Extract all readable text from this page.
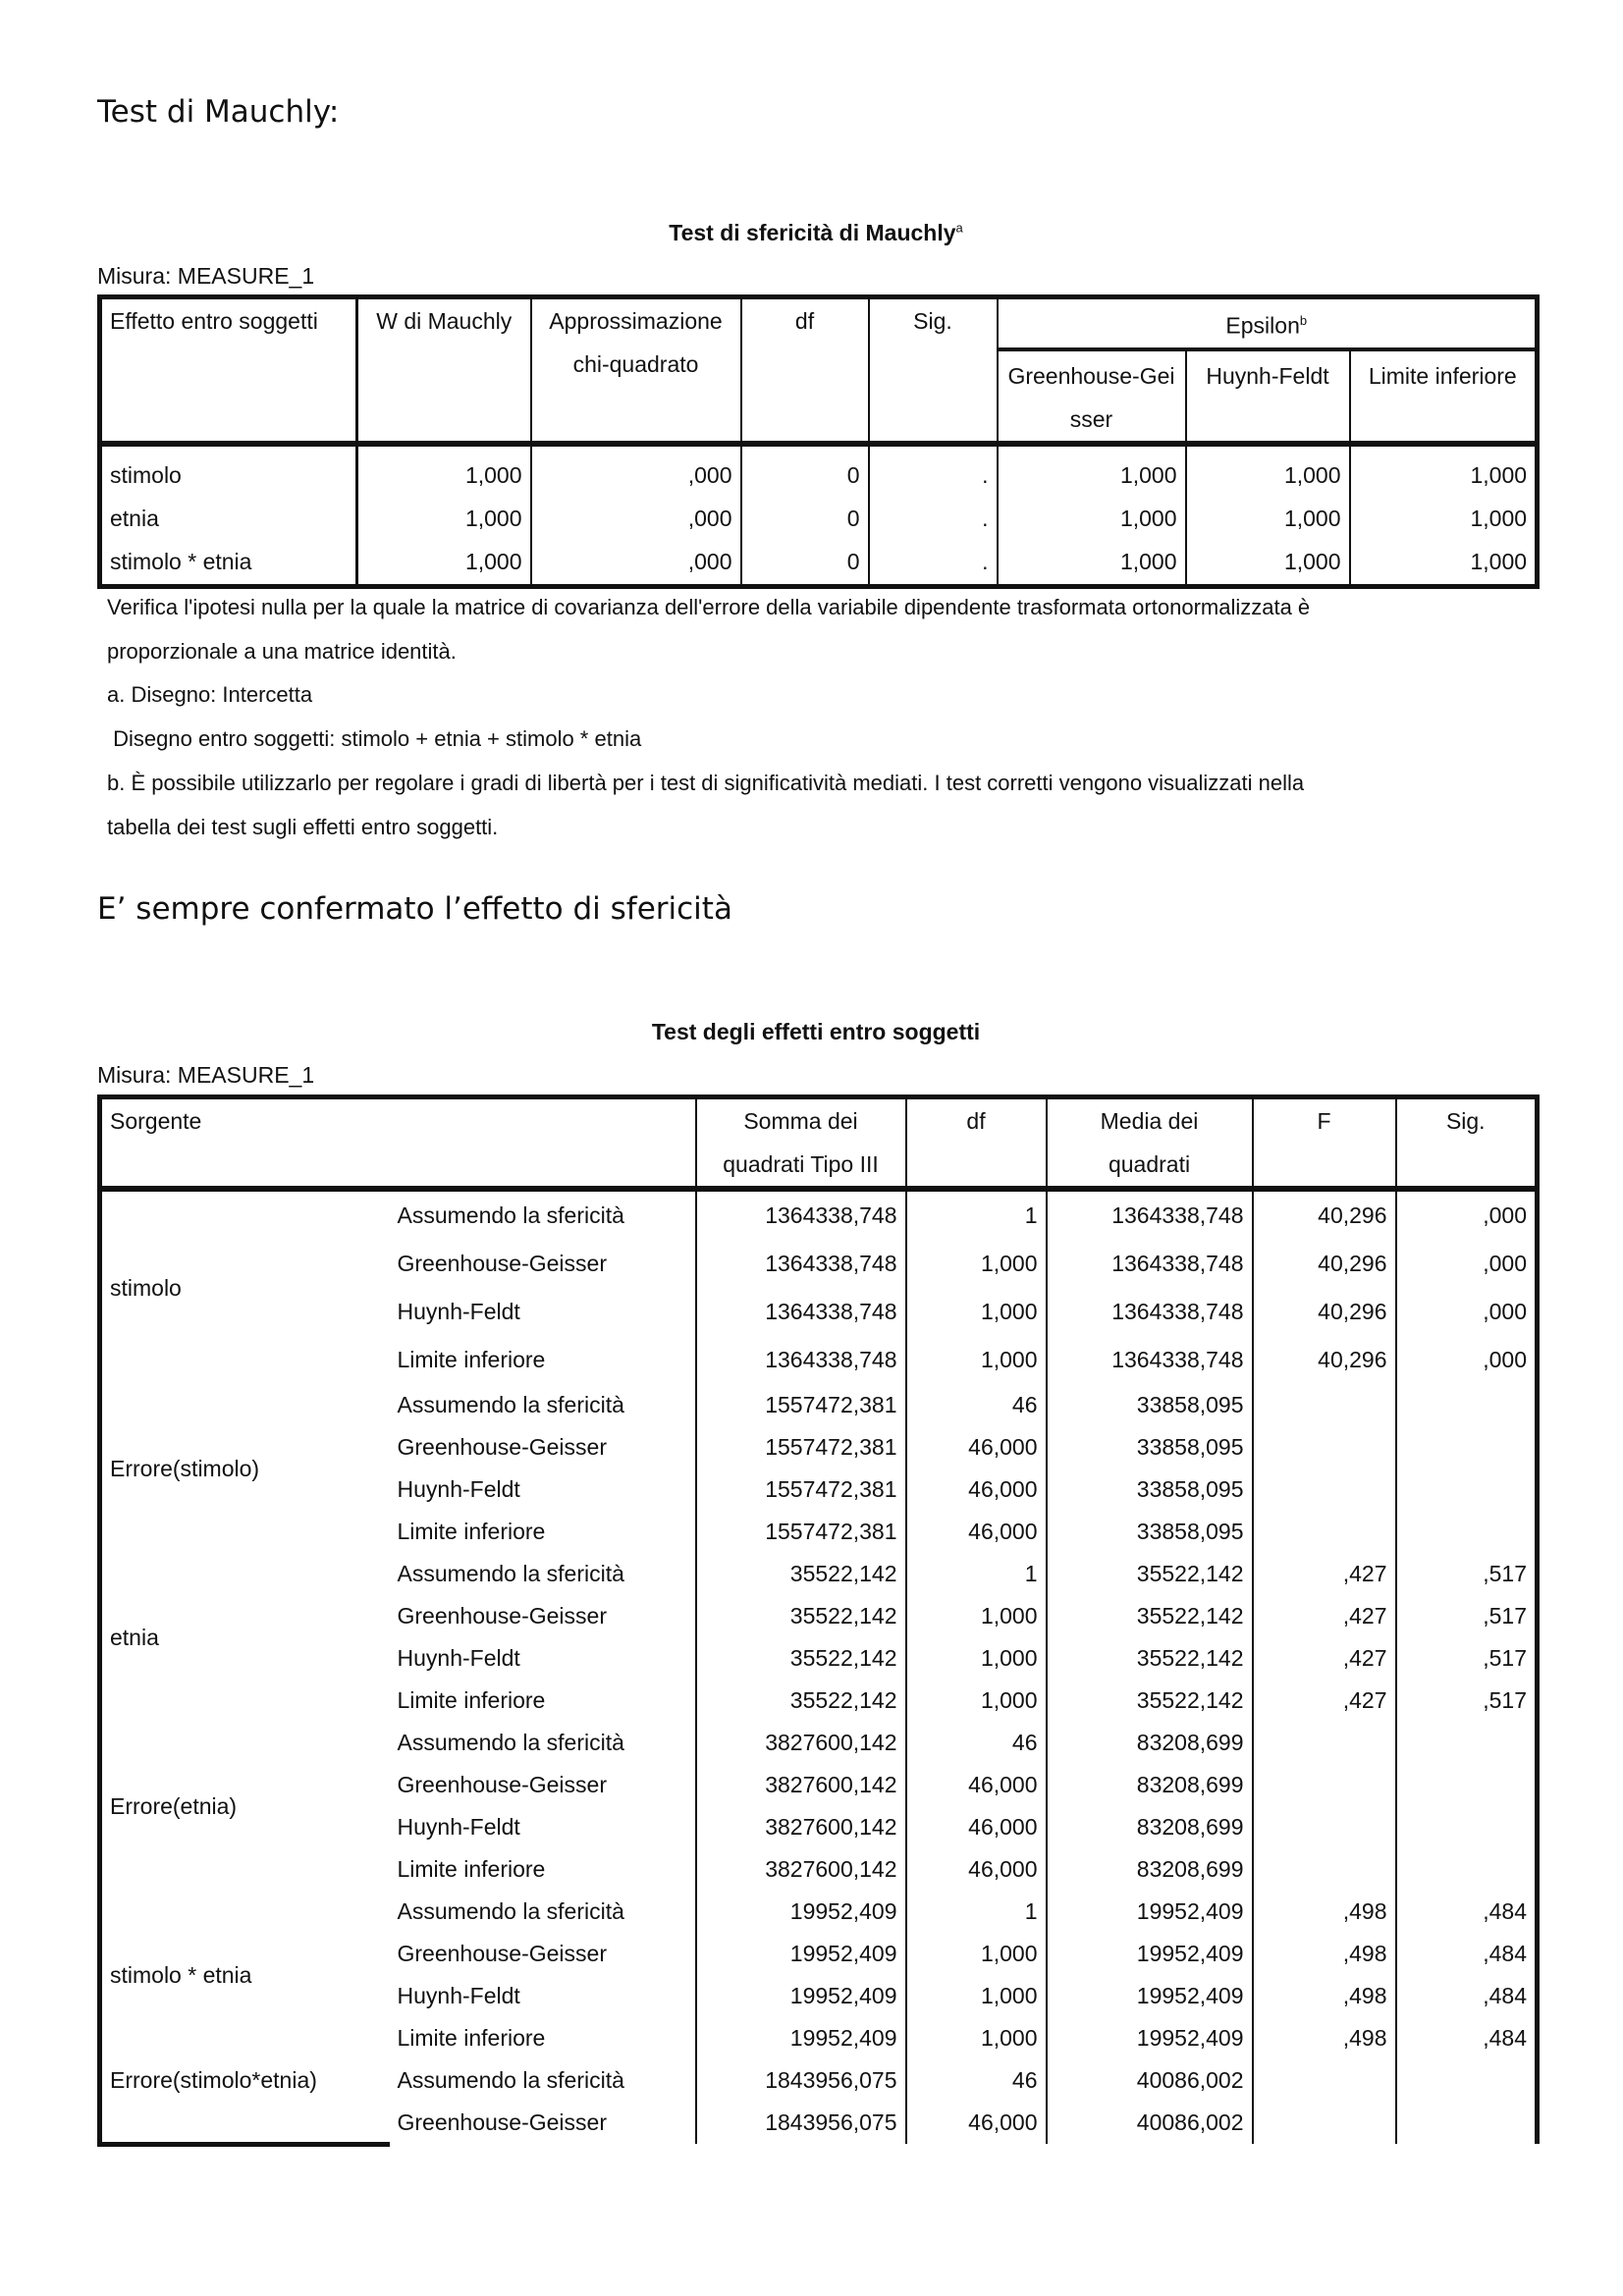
Test di Mauchly:
Test di sfericità di Mauchly$^a$
Misura: MEASURE_1
Effetto entro soggetti	W di Mauchly	Approssimazione chi-quadrato	df	Sig.	Epsilon$^b$
					Greenhouse-Geisser	Huynh-Feldt	Limite inferiore
stimolo	1,000	,000	0	.	1,000	1,000	1,000
etnia	1,000	,000	0	.	1,000	1,000	1,000
stimolo * etnia	1,000	,000	0	.	1,000	1,000	1,000
Verifica l'ipotesi nulla per la quale la matrice di covarianza dell'errore della variabile dipendente trasformata ortonormalizzata è
proporzionale a una matrice identità.
a. Disegno: Intercetta
Disegno entro soggetti: stimolo + etnia + stimolo * etnia
b. È possibile utilizzarlo per regolare i gradi di libertà per i test di significatività mediati. I test corretti vengono visualizzati nella
tabella dei test sugli effetti entro soggetti.
E’ sempre confermato l’effetto di sfericità
Test degli effetti entro soggetti
Misura: MEASURE_1
Sorgente		Somma dei quadrati Tipo III	df	Media dei quadrati	F	Sig.
stimolo	Assumendo la sfericità	1364338,748	1	1364338,748	40,296	,000
	Greenhouse-Geisser	1364338,748	1,000	1364338,748	40,296	,000
	Huynh-Feldt	1364338,748	1,000	1364338,748	40,296	,000
	Limite inferiore	1364338,748	1,000	1364338,748	40,296	,000
Errore(stimolo)	Assumendo la sfericità	1557472,381	46	33858,095		
	Greenhouse-Geisser	1557472,381	46,000	33858,095		
	Huynh-Feldt	1557472,381	46,000	33858,095		
	Limite inferiore	1557472,381	46,000	33858,095		
etnia	Assumendo la sfericità	35522,142	1	35522,142	,427	,517
	Greenhouse-Geisser	35522,142	1,000	35522,142	,427	,517
	Huynh-Feldt	35522,142	1,000	35522,142	,427	,517
	Limite inferiore	35522,142	1,000	35522,142	,427	,517
Errore(etnia)	Assumendo la sfericità	3827600,142	46	83208,699		
	Greenhouse-Geisser	3827600,142	46,000	83208,699		
	Huynh-Feldt	3827600,142	46,000	83208,699		
	Limite inferiore	3827600,142	46,000	83208,699		
stimolo * etnia	Assumendo la sfericità	19952,409	1	19952,409	,498	,484
	Greenhouse-Geisser	19952,409	1,000	19952,409	,498	,484
	Huynh-Feldt	19952,409	1,000	19952,409	,498	,484
	Limite inferiore	19952,409	1,000	19952,409	,498	,484
Errore(stimolo*etnia)	Assumendo la sfericità	1843956,075	46	40086,002		
	Greenhouse-Geisser	1843956,075	46,000	40086,002		
